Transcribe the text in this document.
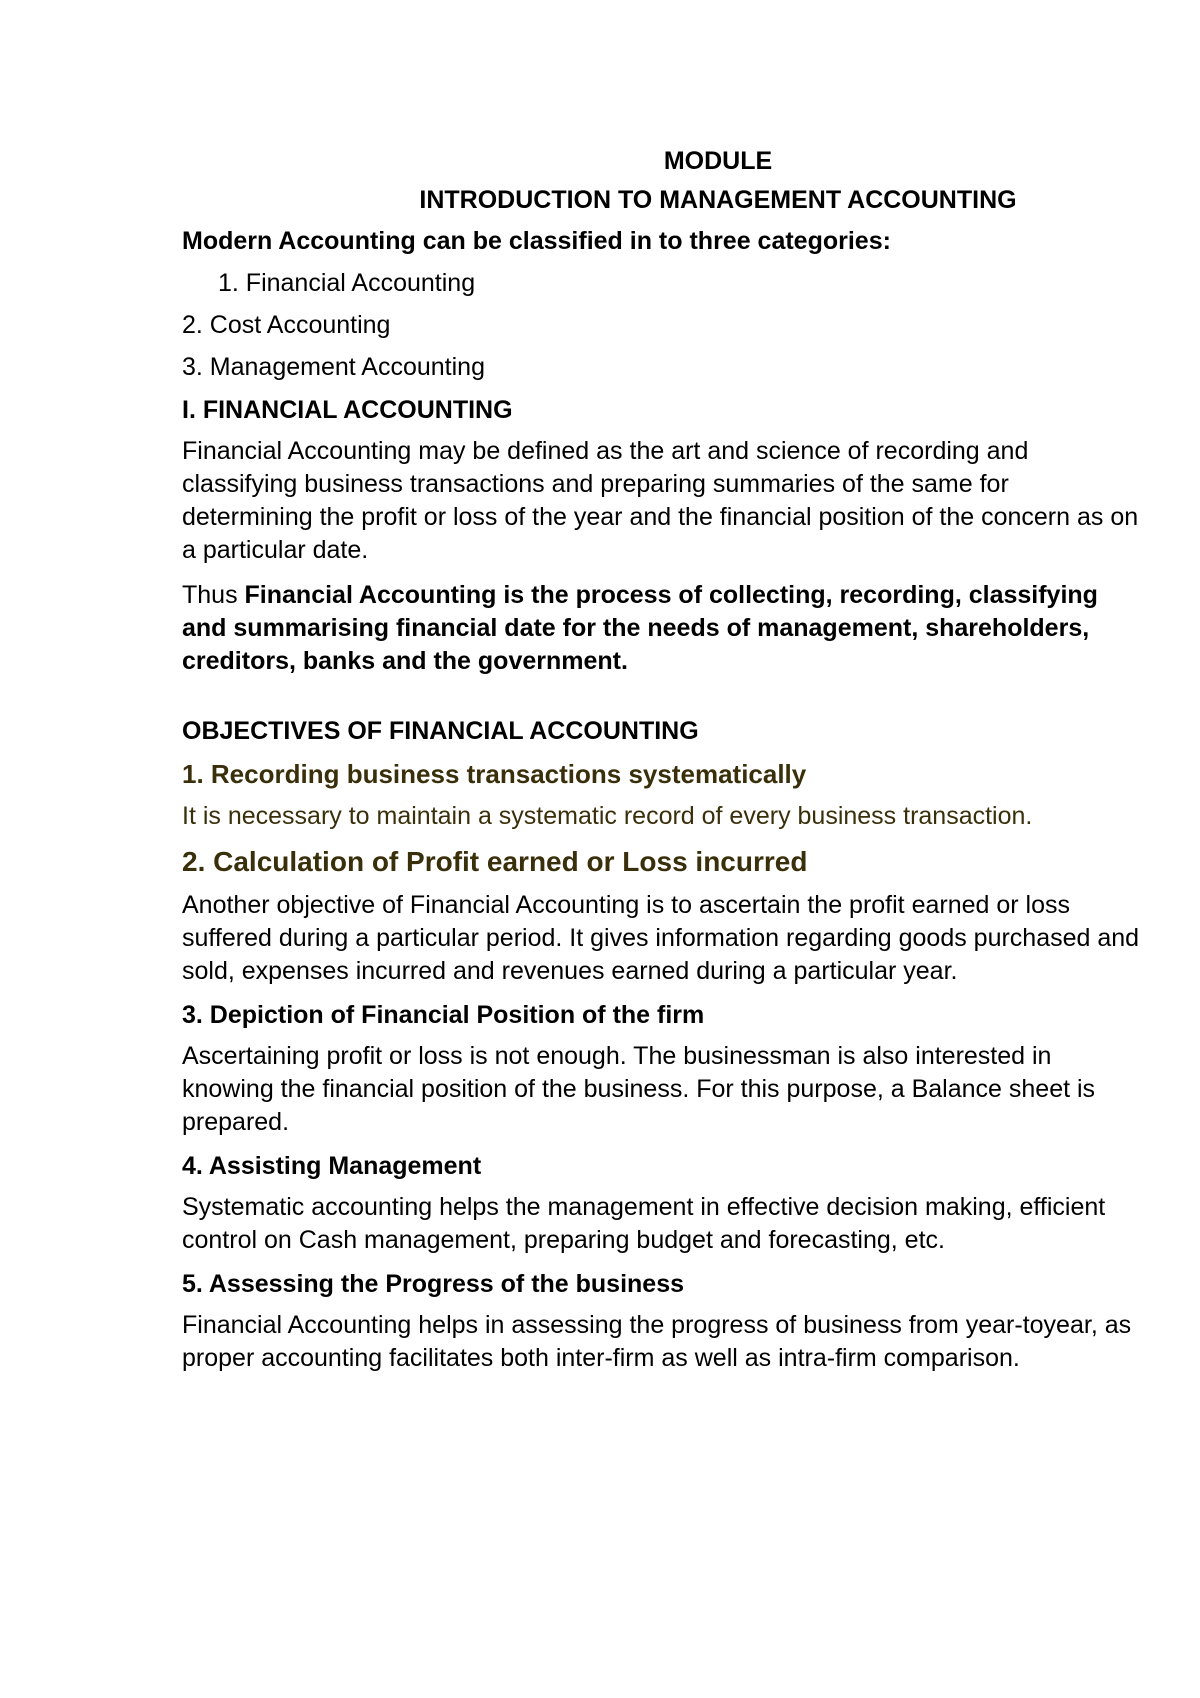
MODULE
INTRODUCTION TO MANAGEMENT ACCOUNTING
Modern Accounting can be classified in to three categories:
1. Financial Accounting
2. Cost Accounting
3. Management Accounting
I. FINANCIAL ACCOUNTING
Financial Accounting may be defined as the art and science of recording and classifying business transactions and preparing summaries of the same for determining the profit or loss of the year and the financial position of the concern as on a particular date.
Thus Financial Accounting is the process of collecting, recording, classifying and summarising financial date for the needs of management, shareholders, creditors, banks and the government.
OBJECTIVES OF FINANCIAL ACCOUNTING
1. Recording business transactions systematically
It is necessary to maintain a systematic record of every business transaction.
2. Calculation of Profit earned or Loss incurred
Another objective of Financial Accounting is to ascertain the profit earned or loss suffered during a particular period. It gives information regarding goods purchased and sold, expenses incurred and revenues earned during a particular year.
3. Depiction of Financial Position of the firm
Ascertaining profit or loss is not enough. The businessman is also interested in knowing the financial position of the business. For this purpose, a Balance sheet is prepared.
4. Assisting Management
Systematic accounting helps the management in effective decision making, efficient control on Cash management, preparing budget and forecasting, etc.
5. Assessing the Progress of the business
Financial Accounting helps in assessing the progress of business from year-toyear, as proper accounting facilitates both inter-firm as well as intra-firm comparison.
